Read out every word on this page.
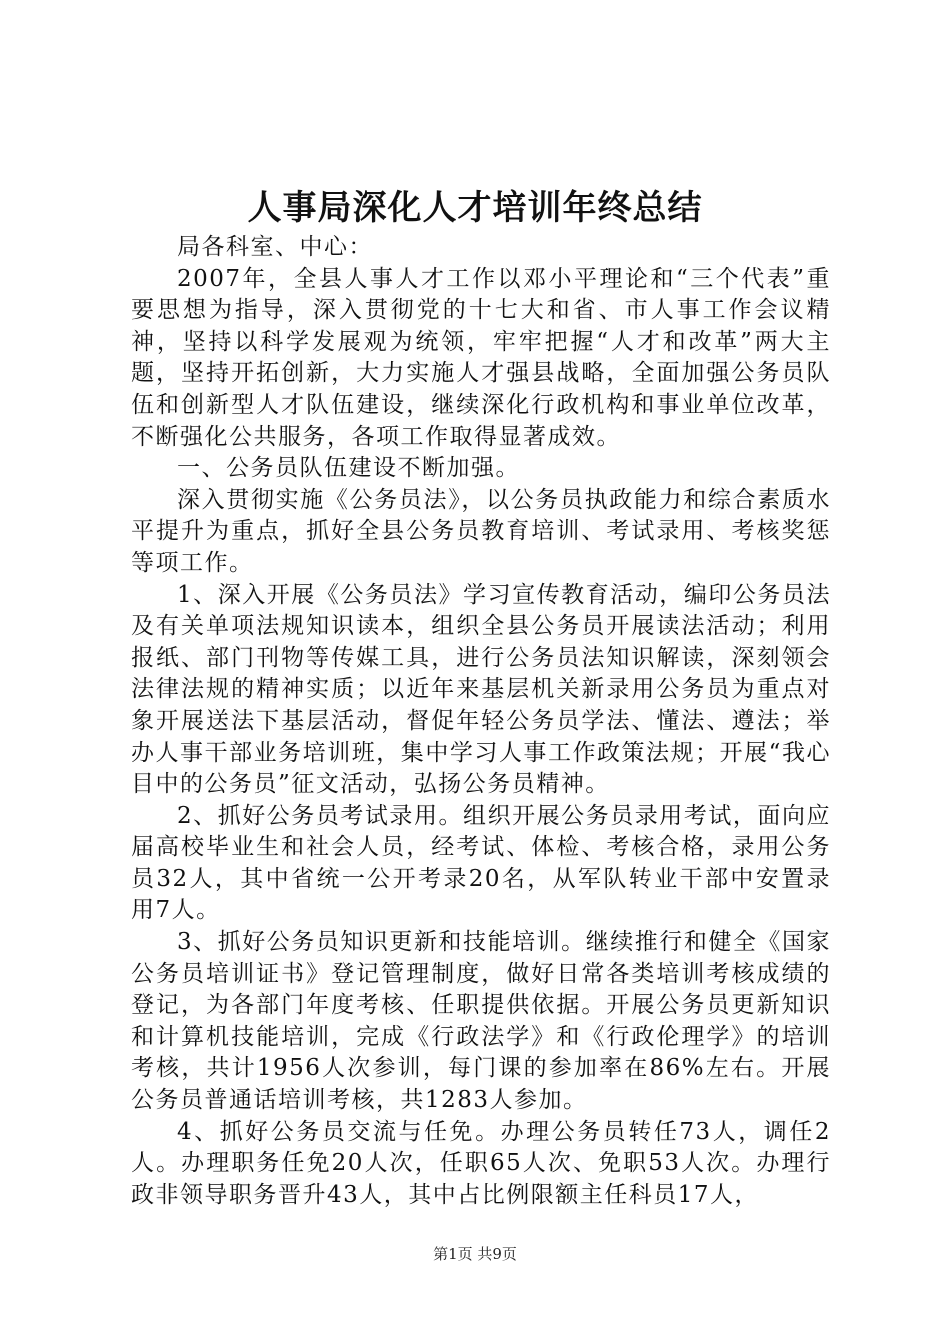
人事局深化人才培训年终总结

局各科室、中心：

2007年，全县人事人才工作以邓小平理论和“三个代表”重要思想为指导，深入贯彻党的十七大和省、市人事工作会议精神，坚持以科学发展观为统领，牢牢把握“人才和改革”两大主题，坚持开拓创新，大力实施人才强县战略，全面加强公务员队伍和创新型人才队伍建设，继续深化行政机构和事业单位改革，不断强化公共服务，各项工作取得显著成效。

一、公务员队伍建设不断加强。

深入贯彻实施《公务员法》，以公务员执政能力和综合素质水平提升为重点，抓好全县公务员教育培训、考试录用、考核奖惩等项工作。

1、深入开展《公务员法》学习宣传教育活动，编印公务员法及有关单项法规知识读本，组织全县公务员开展读法活动；利用报纸、部门刊物等传媒工具，进行公务员法知识解读，深刻领会法律法规的精神实质；以近年来基层机关新录用公务员为重点对象开展送法下基层活动，督促年轻公务员学法、懂法、遵法；举办人事干部业务培训班，集中学习人事工作政策法规；开展“我心目中的公务员”征文活动，弘扬公务员精神。

2、抓好公务员考试录用。组织开展公务员录用考试，面向应届高校毕业生和社会人员，经考试、体检、考核合格，录用公务员32人，其中省统一公开考录20名，从军队转业干部中安置录用7人。

3、抓好公务员知识更新和技能培训。继续推行和健全《国家公务员培训证书》登记管理制度，做好日常各类培训考核成绩的登记，为各部门年度考核、任职提供依据。开展公务员更新知识和计算机技能培训，完成《行政法学》和《行政伦理学》的培训考核，共计1956人次参训，每门课的参加率在86%左右。开展公务员普通话培训考核，共1283人参加。

4、抓好公务员交流与任免。办理公务员转任73人，调任2人。办理职务任免20人次，任职65人次、免职53人次。办理行政非领导职务晋升43人，其中占比例限额主任科员17人，

第1页 共9页
